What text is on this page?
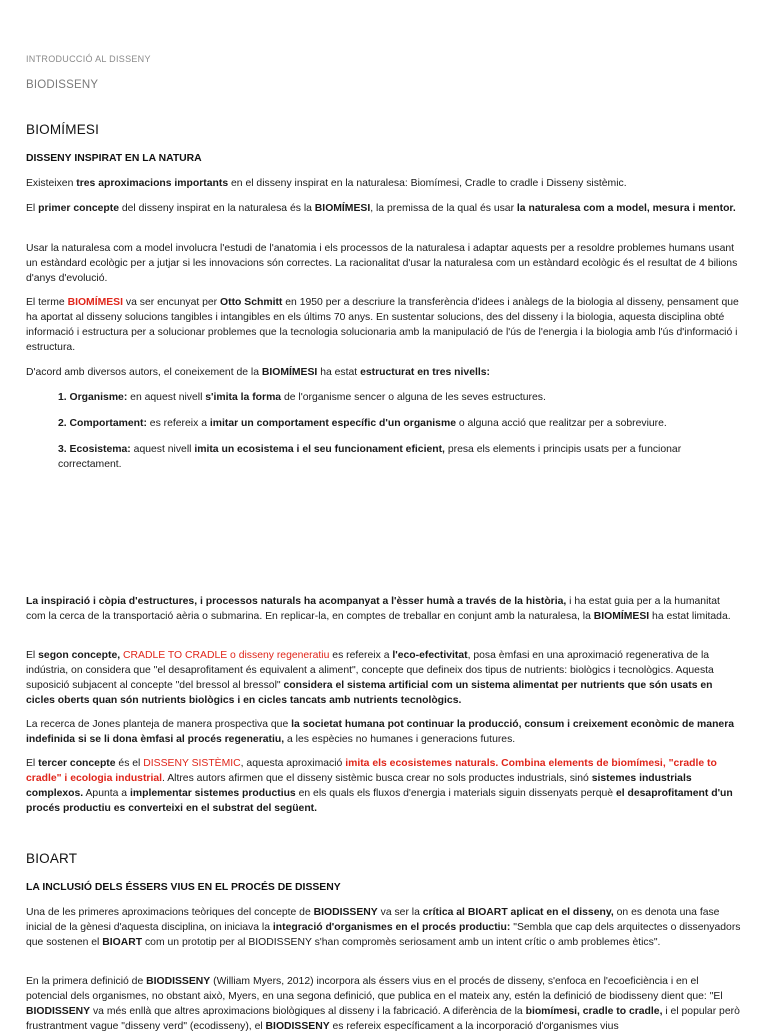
INTRODUCCIÓ AL DISSENY
BIODISSENY
BIOMÍMESI
DISSENY INSPIRAT EN LA NATURA

Existeixen tres aproximacions importants en el disseny inspirat en la naturalesa: Biomímesi, Cradle to cradle i Disseny sistèmic.

El primer concepte del disseny inspirat en la naturalesa és la BIOMÍMESI, la premissa de la qual és usar la naturalesa com a model, mesura i mentor.

Usar la naturalesa com a model involucra l'estudi de l'anatomia i els processos de la naturalesa i adaptar aquests per a resoldre problemes humans usant un estàndard ecològic per a jutjar si les innovacions són correctes. La racionalitat d'usar la naturalesa com un estàndard ecològic és el resultat de 4 bilions d'anys d'evolució.

El terme BIOMÍMESI va ser encunyat per Otto Schmitt en 1950 per a descriure la transferència d'idees i anàlegs de la biologia al disseny, pensament que ha aportat al disseny solucions tangibles i intangibles en els últims 70 anys. En sustentar solucions, des del disseny i la biologia, aquesta disciplina obté informació i estructura per a solucionar problemes que la tecnologia solucionaria amb la manipulació de l'ús de l'energia i la biologia amb l'ús d'informació i estructura.

D'acord amb diversos autors, el coneixement de la BIOMÍMESI ha estat estructurat en tres nivells:

1. Organisme: en aquest nivell s'imita la forma de l'organisme sencer o alguna de les seves estructures.
2. Comportament: es refereix a imitar un comportament específic d'un organisme o alguna acció que realitzar per a sobreviure.
3. Ecosistema: aquest nivell imita un ecosistema i el seu funcionament eficient, presa els elements i principis usats per a funcionar correctament.

La inspiració i còpia d'estructures, i processos naturals ha acompanyat a l'èsser humà a través de la història, i ha estat guia per a la humanitat com la cerca de la transportació aèria o submarina. En replicar-la, en comptes de treballar en conjunt amb la naturalesa, la BIOMÍMESI ha estat limitada.

El segon concepte, CRADLE TO CRADLE o disseny regeneratiu es refereix a l'eco-efectivitat, posa èmfasi en una aproximació regenerativa de la indústria, on considera que "el desaprofitament és equivalent a aliment", concepte que defineix dos tipus de nutrients: biològics i tecnològics. Aquesta suposició subjacent al concepte "del bressol al bressol" considera el sistema artificial com un sistema alimentat per nutrients que són usats en cicles oberts quan són nutrients biològics i en cicles tancats amb nutrients tecnològics.

La recerca de Jones planteja de manera prospectiva que la societat humana pot continuar la producció, consum i creixement econòmic de manera indefinida si se li dona èmfasi al procés regeneratiu, a les espècies no humanes i generacions futures.

El tercer concepte és el DISSENY SISTÈMIC, aquesta aproximació imita els ecosistemes naturals. Combina elements de biomímesi, "cradle to cradle" i ecologia industrial. Altres autors afirmen que el disseny sistèmic busca crear no sols productes industrials, sinó sistemes industrials complexos. Apunta a implementar sistemes productius en els quals els fluxos d'energia i materials siguin dissenyats perquè el desaprofitament d'un procés productiu es converteixi en el substrat del següent.

BIOART
LA INCLUSIÓ DELS ÉSSERS VIUS EN EL PROCÉS DE DISSENY

Una de les primeres aproximacions teòriques del concepte de BIODISSENY va ser la crítica al BIOART aplicat en el disseny, on es denota una fase inicial de la gènesi d'aquesta disciplina, on iniciava la integració d'organismes en el procés productiu: "Sembla que cap dels arquitectes o dissenyadors que sostenen el BIOART com un prototip per al BIODISSENY s'han compromès seriosament amb un intent crític o amb problemes ètics".

En la primera definició de BIODISSENY (William Myers, 2012) incorpora als éssers vius en el procés de disseny, s'enfoca en l'ecoeficiència i en el potencial dels organismes, no obstant això, Myers, en una segona definició, que publica en el mateix any, estén la definició de biodisseny dient que: "El BIODISSENY va més enllà que altres aproximacions biològiques al disseny i la fabricació. A diferència de la biomímesi, cradle to cradle, i el popular però frustrantment vague "disseny verd" (ecodisseny), el BIODISSENY es refereix específicament a la incorporació d'organismes vius
